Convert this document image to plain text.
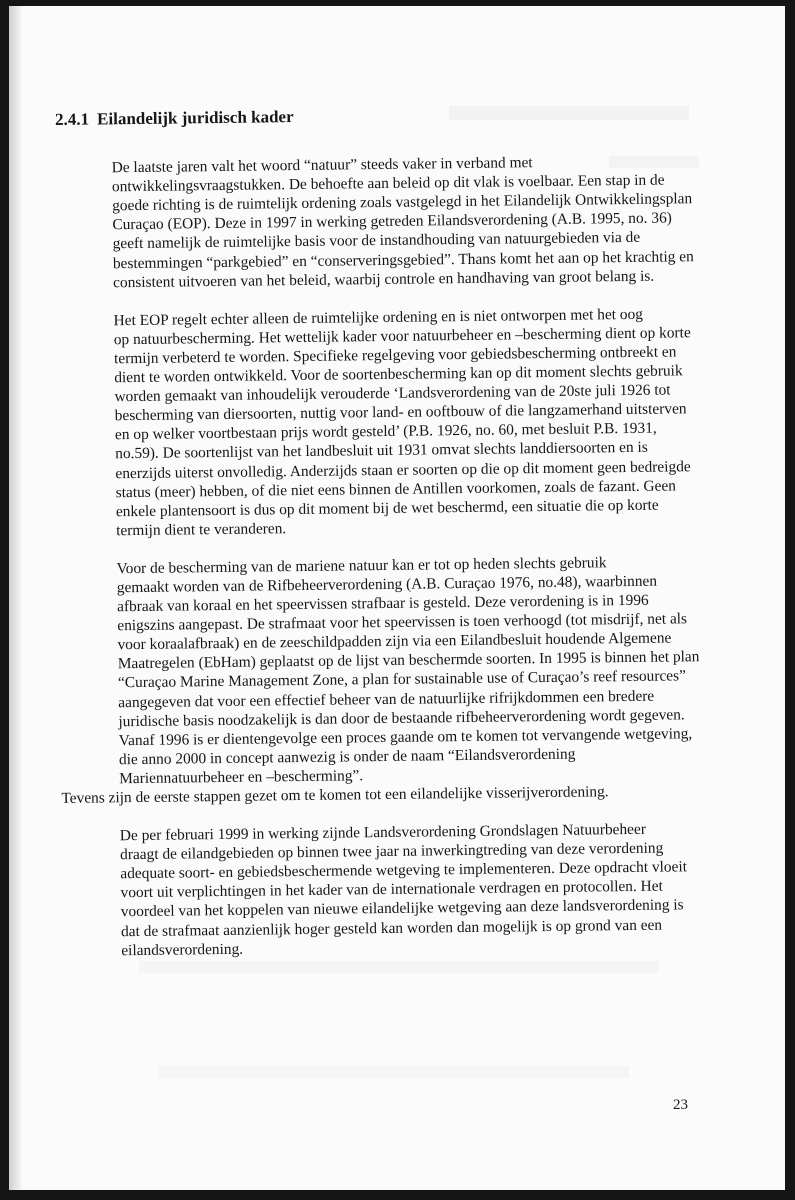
2.4.1 Eilandelijk juridisch kader
De laatste jaren valt het woord “natuur” steeds vaker in verband met
ontwikkelingsvraagstukken. De behoefte aan beleid op dit vlak is voelbaar. Een stap in de
goede richting is de ruimtelijk ordening zoals vastgelegd in het Eilandelijk Ontwikkelingsplan
Curaçao (EOP). Deze in 1997 in werking getreden Eilandsverordening (A.B. 1995, no. 36)
geeft namelijk de ruimtelijke basis voor de instandhouding van natuurgebieden via de
bestemmingen “parkgebied” en “conserveringsgebied”. Thans komt het aan op het krachtig en
consistent uitvoeren van het beleid, waarbij controle en handhaving van groot belang is.
Het EOP regelt echter alleen de ruimtelijke ordening en is niet ontworpen met het oog
op natuurbescherming. Het wettelijk kader voor natuurbeheer en –bescherming dient op korte
termijn verbeterd te worden. Specifieke regelgeving voor gebiedsbescherming ontbreekt en
dient te worden ontwikkeld. Voor de soortenbescherming kan op dit moment slechts gebruik
worden gemaakt van inhoudelijk verouderde ‘Landsverordening van de 20ste juli 1926 tot
bescherming van diersoorten, nuttig voor land- en ooftbouw of die langzamerhand uitsterven
en op welker voortbestaan prijs wordt gesteld’ (P.B. 1926, no. 60, met besluit P.B. 1931,
no.59). De soortenlijst van het landbesluit uit 1931 omvat slechts landdiersoorten en is
enerzijds uiterst onvolledig. Anderzijds staan er soorten op die op dit moment geen bedreigde
status (meer) hebben, of die niet eens binnen de Antillen voorkomen, zoals de fazant. Geen
enkele plantensoort is dus op dit moment bij de wet beschermd, een situatie die op korte
termijn dient te veranderen.
Voor de bescherming van de mariene natuur kan er tot op heden slechts gebruik
gemaakt worden van de Rifbeheerverordening (A.B. Curaçao 1976, no.48), waarbinnen
afbraak van koraal en het speervissen strafbaar is gesteld. Deze verordening is in 1996
enigszins aangepast. De strafmaat voor het speervissen is toen verhoogd (tot misdrijf, net als
voor koraalafbraak) en de zeeschildpadden zijn via een Eilandbesluit houdende Algemene
Maatregelen (EbHam) geplaatst op de lijst van beschermde soorten. In 1995 is binnen het plan
“Curaçao Marine Management Zone, a plan for sustainable use of Curaçao’s reef resources”
aangegeven dat voor een effectief beheer van de natuurlijke rifrijkdommen een bredere
juridische basis noodzakelijk is dan door de bestaande rifbeheerverordening wordt gegeven.
Vanaf 1996 is er dientengevolge een proces gaande om te komen tot vervangende wetgeving,
die anno 2000 in concept aanwezig is onder de naam “Eilandsverordening
Mariennatuurbeheer en –bescherming”.
Tevens zijn de eerste stappen gezet om te komen tot een eilandelijke visserijverordening.
De per februari 1999 in werking zijnde Landsverordening Grondslagen Natuurbeheer
draagt de eilandgebieden op binnen twee jaar na inwerkingtreding van deze verordening
adequate soort- en gebiedsbeschermende wetgeving te implementeren. Deze opdracht vloeit
voort uit verplichtingen in het kader van de internationale verdragen en protocollen. Het
voordeel van het koppelen van nieuwe eilandelijke wetgeving aan deze landsverordening is
dat de strafmaat aanzienlijk hoger gesteld kan worden dan mogelijk is op grond van een
eilandsverordening.
23
